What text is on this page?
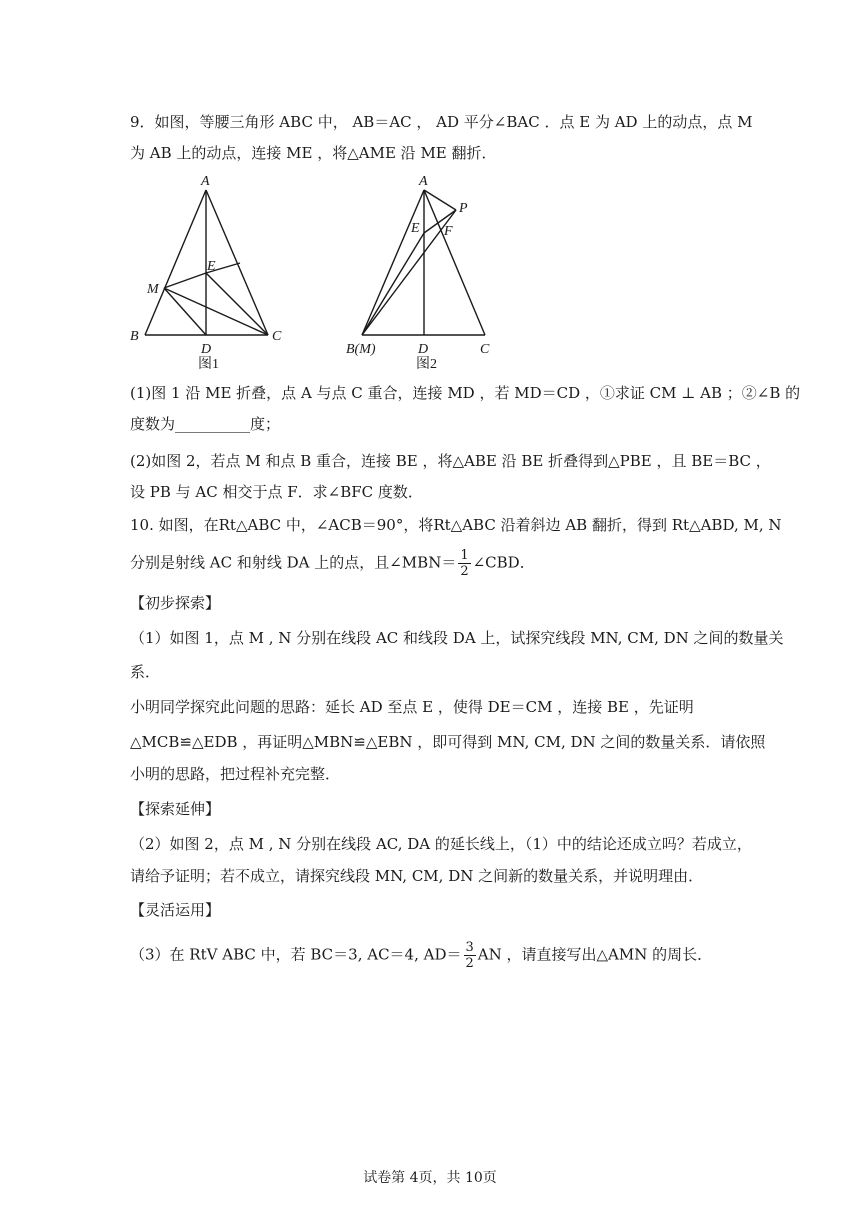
9．如图，等腰三角形 ABC 中， AB＝AC ， AD 平分∠BAC ．点 E 为 AD 上的动点，点 M
为 AB 上的动点，连接 ME ，将△AME 沿 ME 翻折．
A
B	C
D
E
M
图1
A
P
E F
B(M)	D	C
图2
(1)图 1 沿 ME 折叠，点 A 与点 C 重合，连接 MD ，若 MD＝CD ，①求证 CM ⊥ AB ；②∠B 的
度数为__________度；
(2)如图 2，若点 M 和点 B 重合，连接 BE ，将△ABE 沿 BE 折叠得到△PBE ，且 BE＝BC ，
设 PB 与 AC 相交于点 F．求∠BFC 度数．
10. 如图，在Rt△ABC 中，∠ACB＝90°，将Rt△ABC 沿着斜边 AB 翻折，得到 Rt△ABD, M, N
分别是射线 AC 和射线 DA 上的点，且∠MBN＝ $\frac{1}{2}$ ∠CBD．
【初步探索】
（1）如图 1，点 M , N 分别在线段 AC 和线段 DA 上，试探究线段 MN, CM, DN 之间的数量关
系．
小明同学探究此问题的思路：延长 AD 至点 E ，使得 DE＝CM ，连接 BE ，先证明
△MCB≌△EDB ，再证明△MBN≌△EBN ，即可得到 MN, CM, DN 之间的数量关系．请依照
小明的思路，把过程补充完整．
【探索延伸】
（2）如图 2，点 M , N 分别在线段 AC, DA 的延长线上，（1）中的结论还成立吗？若成立，
请给予证明；若不成立，请探究线段 MN, CM, DN 之间新的数量关系，并说明理由．
【灵活运用】
（3）在 RtV ABC 中，若 BC＝3, AC＝4, $AD= \frac{3}{2}$ AN ，请直接写出△AMN 的周长．
试卷第 4页，共 10页
